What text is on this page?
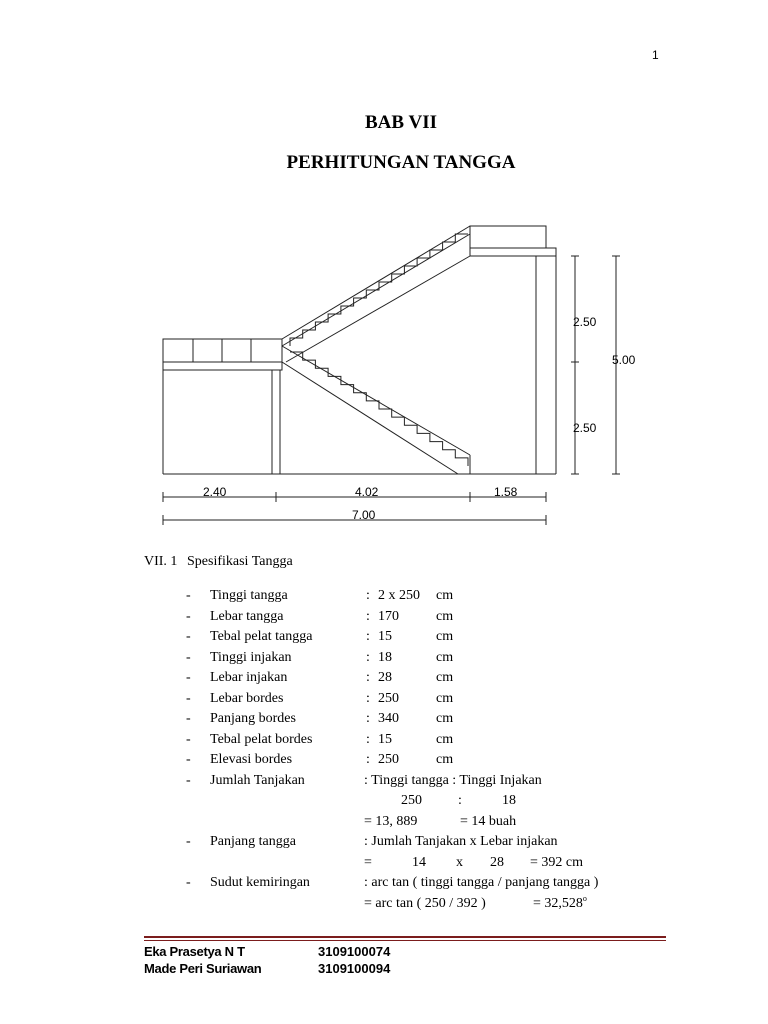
1
BAB VII
PERHITUNGAN TANGGA
2.50
2.50
5.00
2.40	4.02	1.58
7.00
VII. 1 Spesifikasi Tangga
- Tinggi tangga	: 2 x 250 cm
- Lebar tangga	: 170	cm
- Tebal pelat tangga	: 15	cm
- Tinggi injakan	: 18	cm
- Lebar injakan	: 28	cm
- Lebar bordes	: 250	cm
- Panjang bordes	: 340	cm
- Tebal pelat bordes	: 15	cm
- Elevasi bordes	: 250	cm
- Jumlah Tanjakan	: Tinggi tangga : Tinggi Injakan
250	:	18
= 13, 889	= 14 buah
- Panjang tangga	: Jumlah Tanjakan x Lebar injakan
=	14 x 28 = 392 cm
- Sudut kemiringan	: arc tan ( tinggi tangga / panjang tangga )
= arc tan ( 250 / 392 )	= $32,528^o$
Eka Prasetya N T	3109100074
Made Peri Suriawan	3109100094
